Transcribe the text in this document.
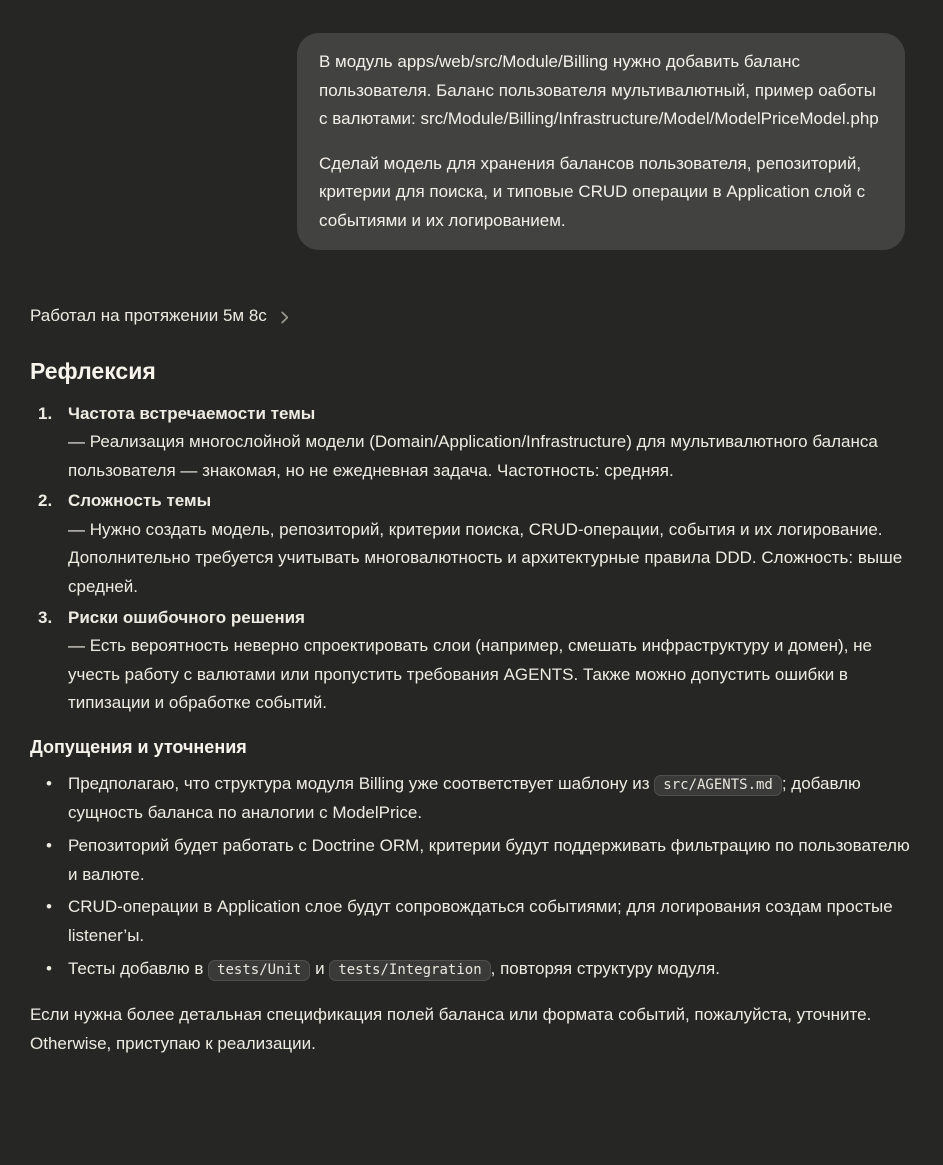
В модуль apps/web/src/Module/Billing нужно добавить баланс пользователя. Баланс пользователя мультивалютный, пример оаботы с валютами: src/Module/Billing/Infrastructure/Model/ModelPriceModel.php

Сделай модель для хранения балансов пользователя, репозиторий, критерии для поиска, и типовые CRUD операции в Application слой с событиями и их логированием.

Работал на протяжении 5м 8с
Рефлексия
1. Частота встречаемости темы
— Реализация многослойной модели (Domain/Application/Infrastructure) для мультивалютного баланса пользователя — знакомая, но не ежедневная задача. Частотность: средняя.
2. Сложность темы
— Нужно создать модель, репозиторий, критерии поиска, CRUD-операции, события и их логирование. Дополнительно требуется учитывать многовалютность и архитектурные правила DDD. Сложность: выше средней.
3. Риски ошибочного решения
— Есть вероятность неверно спроектировать слои (например, смешать инфраструктуру и домен), не учесть работу с валютами или пропустить требования AGENTS. Также можно допустить ошибки в типизации и обработке событий.
Допущения и уточнения
• Предполагаю, что структура модуля Billing уже соответствует шаблону из src/AGENTS.md ; добавлю сущность баланса по аналогии с ModelPrice.
• Репозиторий будет работать с Doctrine ORM, критерии будут поддерживать фильтрацию по пользователю и валюте.
• CRUD-операции в Application слое будут сопровождаться событиями; для логирования создам простые listener’ы.
• Тесты добавлю в tests/Unit и tests/Integration , повторяя структуру модуля.

Если нужна более детальная спецификация полей баланса или формата событий, пожалуйста, уточните. Otherwise, приступаю к реализации.
